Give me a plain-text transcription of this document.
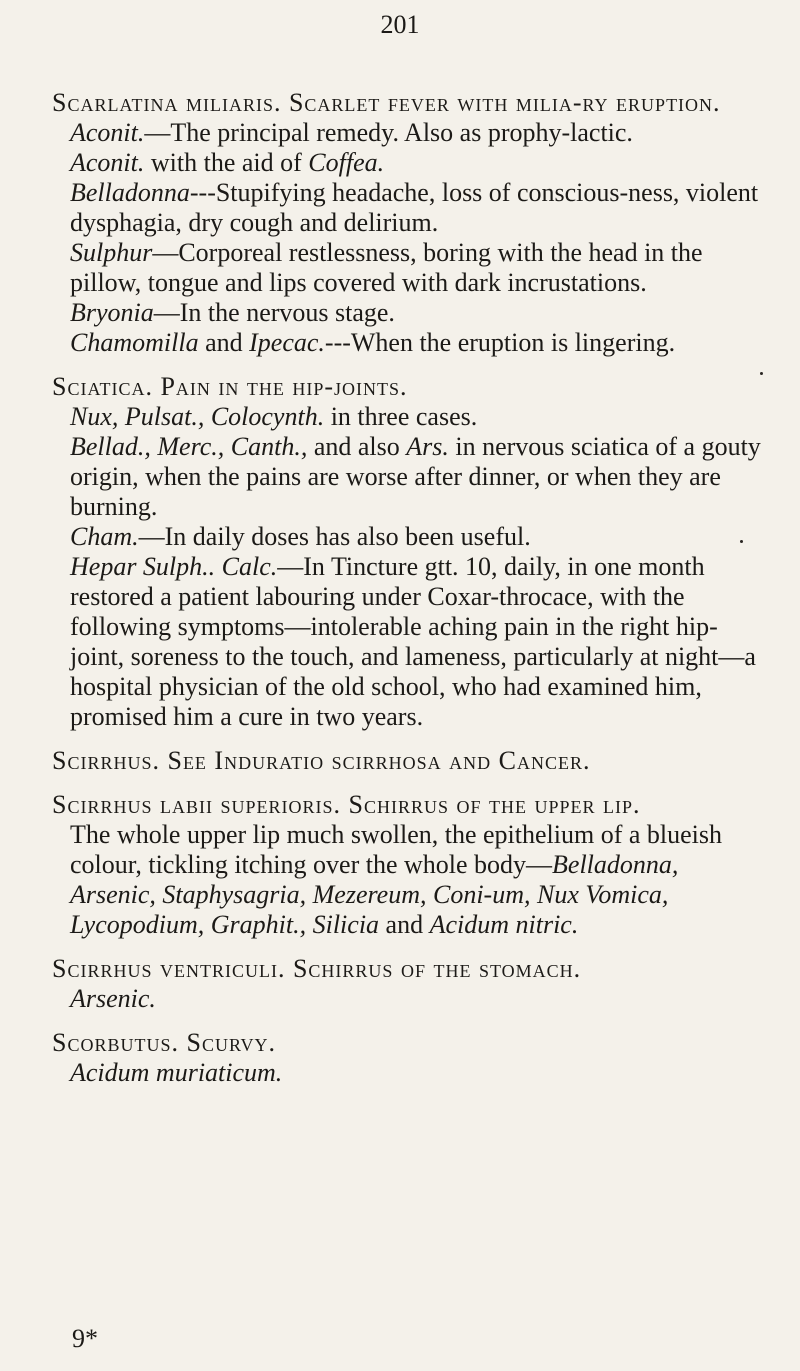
201

Scarlatina miliaris. Scarlet fever with milia-ry eruption.

Aconit.—The principal remedy. Also as prophy-lactic.

Aconit. with the aid of Coffea.

Belladonna---Stupifying headache, loss of conscious-ness, violent dysphagia, dry cough and delirium.

Sulphur—Corporeal restlessness, boring with the head in the pillow, tongue and lips covered with dark incrustations.

Bryonia—In the nervous stage.

Chamomilla and Ipecac.---When the eruption is lingering.

Sciatica. Pain in the hip-joints.

Nux, Pulsat., Colocynth. in three cases.

Bellad., Merc., Canth., and also Ars. in nervous sciatica of a gouty origin, when the pains are worse after dinner, or when they are burning.

Cham.—In daily doses has also been useful.

Hepar Sulph.. Calc.—In Tincture gtt. 10, daily, in one month restored a patient labouring under Coxar-throcace, with the following symptoms—intolerable aching pain in the right hip-joint, soreness to the touch, and lameness, particularly at night—a hospital physician of the old school, who had examined him, promised him a cure in two years.

Scirrhus. See Induratio scirrhosa and Cancer.

Scirrhus labii superioris. Schirrus of the upper lip.

The whole upper lip much swollen, the epithelium of a blueish colour, tickling itching over the whole body—Belladonna, Arsenic, Staphysagria, Mezereum, Coni-um, Nux Vomica, Lycopodium, Graphit., Silicia and Acidum nitric.

Scirrhus ventriculi. Schirrus of the stomach.

Arsenic.

Scorbutus. Scurvy.

Acidum muriaticum.

9*
